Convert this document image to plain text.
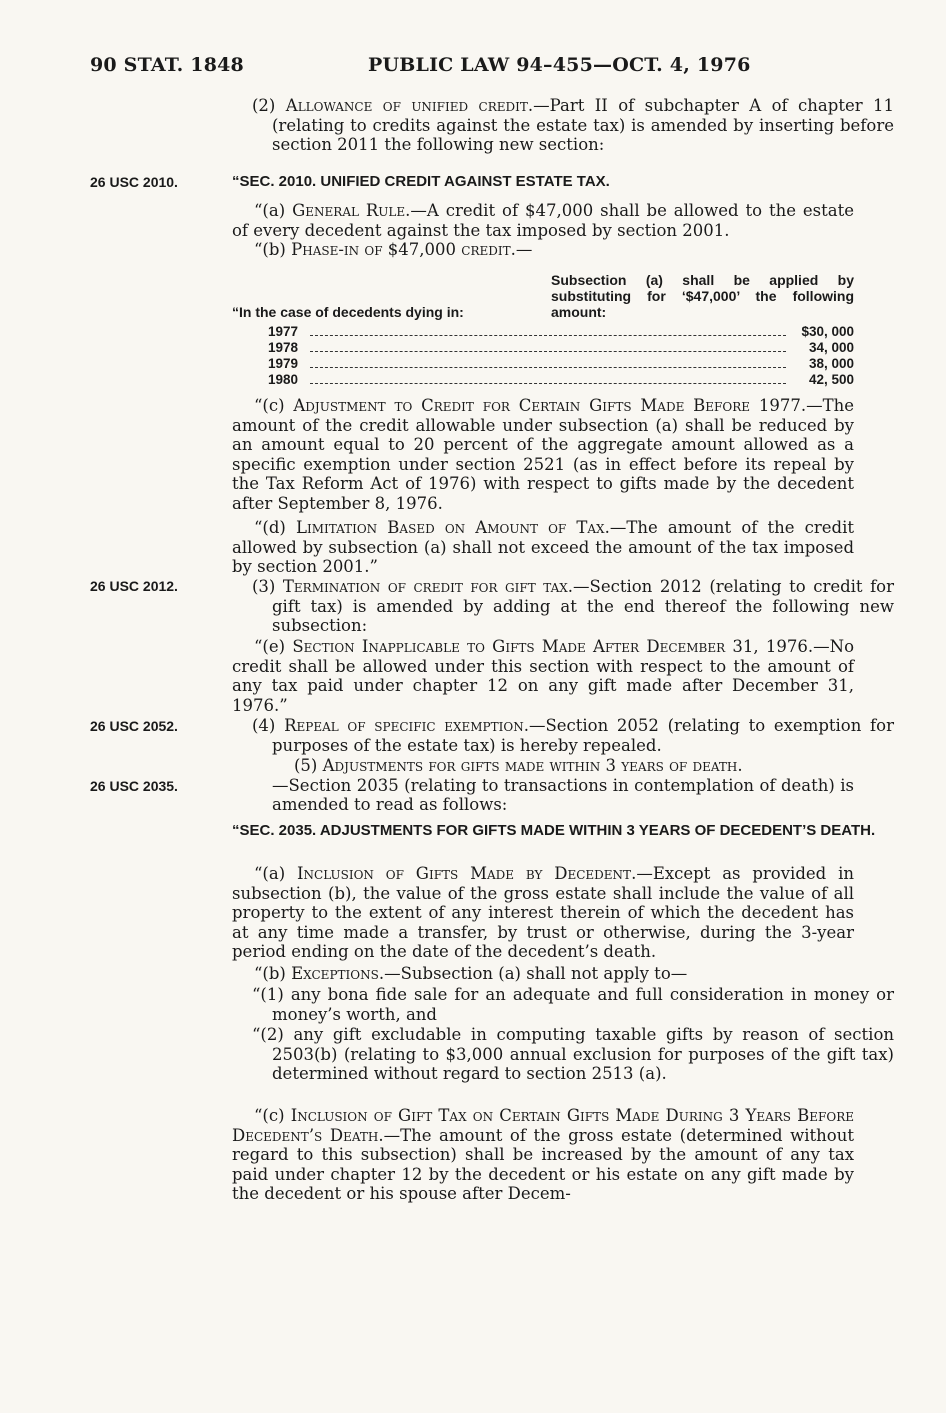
90 STAT. 1848	PUBLIC LAW 94–455—OCT. 4, 1976
(2) Allowance of unified credit.—Part II of subchapter A of chapter 11 (relating to credits against the estate tax) is amended by inserting before section 2011 the following new section:
26 USC 2010.	“SEC. 2010. UNIFIED CREDIT AGAINST ESTATE TAX.
“(a) General Rule.—A credit of $47,000 shall be allowed to the estate of every decedent against the tax imposed by section 2001.
“(b) Phase-in of $47,000 credit.—
Subsection (a) shall be applied by substituting for ‘$47,000’ the following amount:
“In the case of decedents dying in:
1977	$30, 000
1978	34, 000
1979	38, 000
1980	42, 500
“(c) Adjustment to Credit for Certain Gifts Made Before 1977.—The amount of the credit allowable under subsection (a) shall be reduced by an amount equal to 20 percent of the aggregate amount allowed as a specific exemption under section 2521 (as in effect before its repeal by the Tax Reform Act of 1976) with respect to gifts made by the decedent after September 8, 1976.
“(d) Limitation Based on Amount of Tax.—The amount of the credit allowed by subsection (a) shall not exceed the amount of the tax imposed by section 2001.”
26 USC 2012.	(3) Termination of credit for gift tax.—Section 2012 (relating to credit for gift tax) is amended by adding at the end thereof the following new subsection:
“(e) Section Inapplicable to Gifts Made After December 31, 1976.—No credit shall be allowed under this section with respect to the amount of any tax paid under chapter 12 on any gift made after December 31, 1976.”
26 USC 2052.	(4) Repeal of specific exemption.—Section 2052 (relating to exemption for purposes of the estate tax) is hereby repealed.
(5) Adjustments for gifts made within 3 years of death.
—Section 2035 (relating to transactions in contemplation of death) is amended to read as follows:
26 USC 2035.
“SEC. 2035. ADJUSTMENTS FOR GIFTS MADE WITHIN 3 YEARS OF DECEDENT’S DEATH.
“(a) Inclusion of Gifts Made by Decedent.—Except as provided in subsection (b), the value of the gross estate shall include the value of all property to the extent of any interest therein of which the decedent has at any time made a transfer, by trust or otherwise, during the 3-year period ending on the date of the decedent’s death.
“(b) Exceptions.—Subsection (a) shall not apply to—
“(1) any bona fide sale for an adequate and full consideration in money or money’s worth, and
“(2) any gift excludable in computing taxable gifts by reason of section 2503(b) (relating to $3,000 annual exclusion for purposes of the gift tax) determined without regard to section 2513 (a).
“(c) Inclusion of Gift Tax on Certain Gifts Made During 3 Years Before Decedent’s Death.—The amount of the gross estate (determined without regard to this subsection) shall be increased by the amount of any tax paid under chapter 12 by the decedent or his estate on any gift made by the decedent or his spouse after Decem-
